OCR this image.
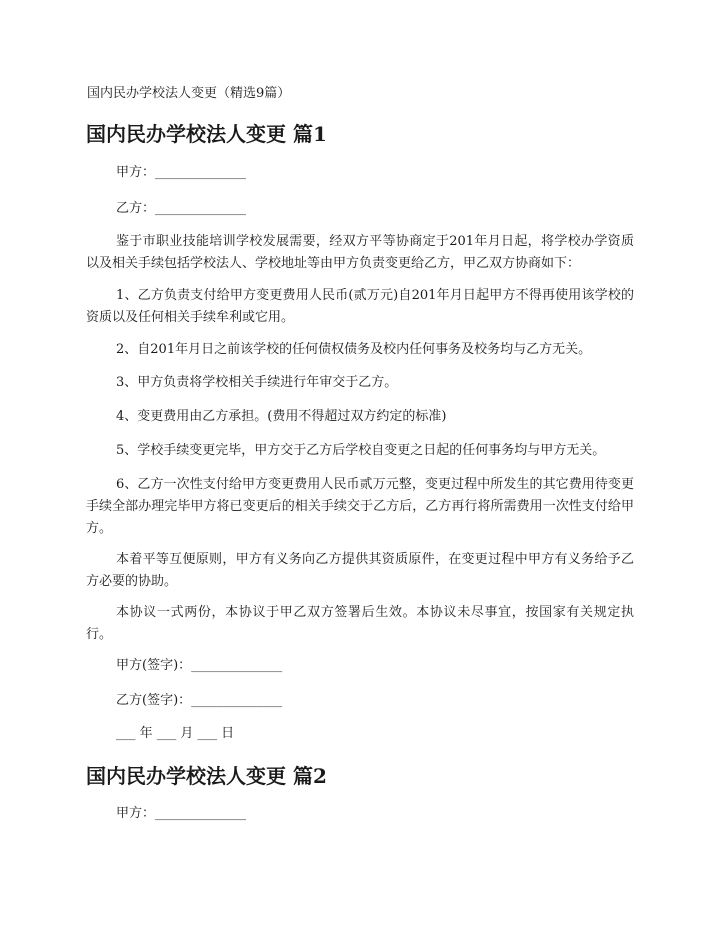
国内民办学校法人变更（精选9篇）
国内民办学校法人变更 篇1
甲方：______________
乙方：______________
鉴于市职业技能培训学校发展需要，经双方平等协商定于201年月日起，将学校办学资质以及相关手续包括学校法人、学校地址等由甲方负责变更给乙方，甲乙双方协商如下：
1、乙方负责支付给甲方变更费用人民币(贰万元)自201年月日起甲方不得再使用该学校的资质以及任何相关手续牟利或它用。
2、自201年月日之前该学校的任何债权债务及校内任何事务及校务均与乙方无关。
3、甲方负责将学校相关手续进行年审交于乙方。
4、变更费用由乙方承担。(费用不得超过双方约定的标准)
5、学校手续变更完毕，甲方交于乙方后学校自变更之日起的任何事务均与甲方无关。
6、乙方一次性支付给甲方变更费用人民币贰万元整，变更过程中所发生的其它费用待变更手续全部办理完毕甲方将已变更后的相关手续交于乙方后，乙方再行将所需费用一次性支付给甲方。
本着平等互便原则，甲方有义务向乙方提供其资质原件，在变更过程中甲方有义务给予乙方必要的协助。
本协议一式两份，本协议于甲乙双方签署后生效。本协议未尽事宜，按国家有关规定执行。
甲方(签字)：______________
乙方(签字)：______________
___ 年 ___ 月 ___ 日
国内民办学校法人变更 篇2
甲方：______________
